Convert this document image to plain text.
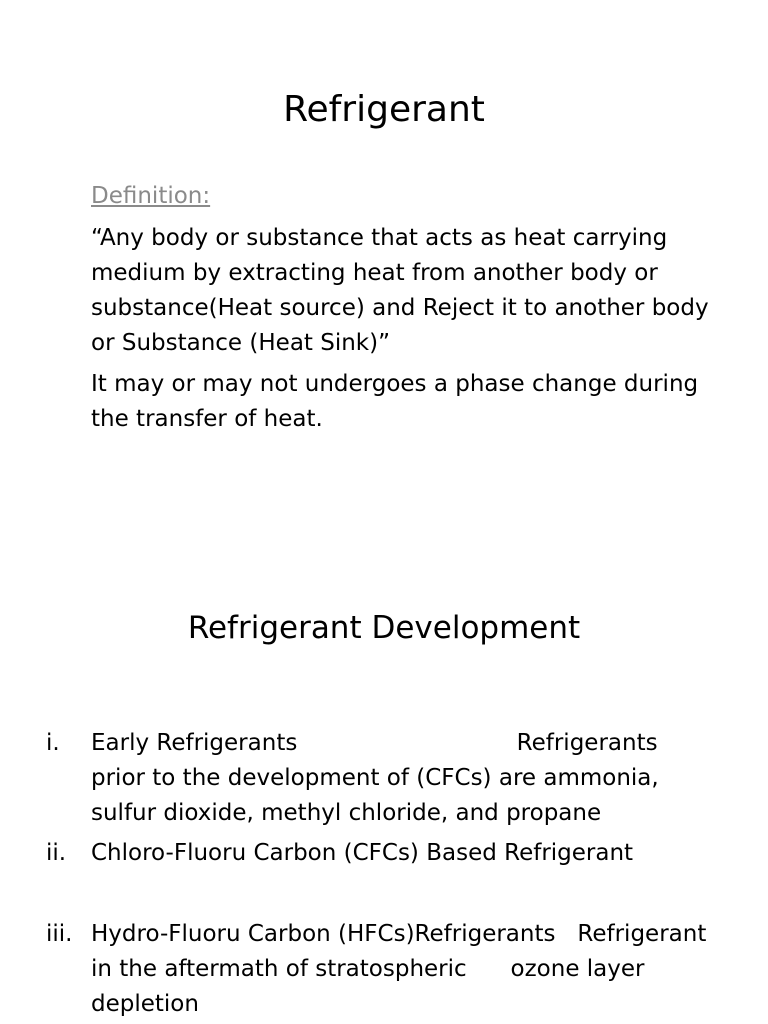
Refrigerant
Definition:

“Any body or substance that acts as heat carrying medium by extracting heat from another body or substance(Heat source) and Reject it to another body or Substance (Heat Sink)”

It may or may not undergoes a phase change during the transfer of heat.

Refrigerant Development
i. Early Refrigerants                              Refrigerants
prior to the development of (CFCs) are ammonia,
sulfur dioxide, methyl chloride, and propane
ii. Chloro-Fluoru Carbon (CFCs) Based Refrigerant
iii. Hydro-Fluoru Carbon (HFCs)Refrigerants   Refrigerant
in the aftermath of stratospheric      ozone layer
depletion
